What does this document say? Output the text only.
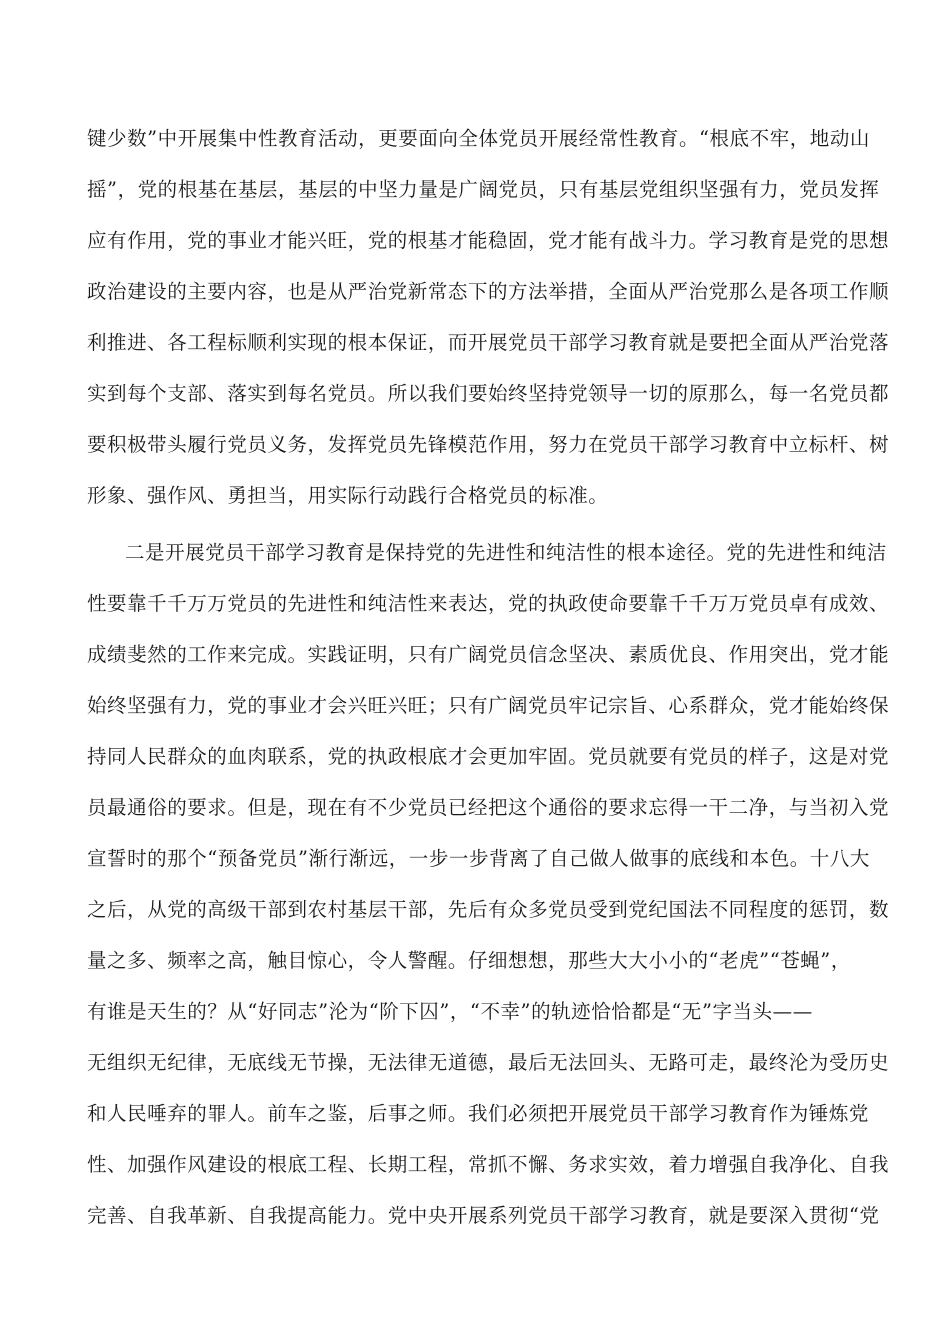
键少数”中开展集中性教育活动，更要面向全体党员开展经常性教育。“根底不牢，地动山
摇”，党的根基在基层，基层的中坚力量是广阔党员，只有基层党组织坚强有力，党员发挥
应有作用，党的事业才能兴旺，党的根基才能稳固，党才能有战斗力。学习教育是党的思想
政治建设的主要内容，也是从严治党新常态下的方法举措，全面从严治党那么是各项工作顺
利推进、各工程标顺利实现的根本保证，而开展党员干部学习教育就是要把全面从严治党落
实到每个支部、落实到每名党员。所以我们要始终坚持党领导一切的原那么，每一名党员都
要积极带头履行党员义务，发挥党员先锋模范作用，努力在党员干部学习教育中立标杆、树
形象、强作风、勇担当，用实际行动践行合格党员的标准。
二是开展党员干部学习教育是保持党的先进性和纯洁性的根本途径。党的先进性和纯洁
性要靠千千万万党员的先进性和纯洁性来表达，党的执政使命要靠千千万万党员卓有成效、
成绩斐然的工作来完成。实践证明，只有广阔党员信念坚决、素质优良、作用突出，党才能
始终坚强有力，党的事业才会兴旺兴旺；只有广阔党员牢记宗旨、心系群众，党才能始终保
持同人民群众的血肉联系，党的执政根底才会更加牢固。党员就要有党员的样子，这是对党
员最通俗的要求。但是，现在有不少党员已经把这个通俗的要求忘得一干二净，与当初入党
宣誓时的那个“预备党员”渐行渐远，一步一步背离了自己做人做事的底线和本色。十八大
之后，从党的高级干部到农村基层干部，先后有众多党员受到党纪国法不同程度的惩罚，数
量之多、频率之高，触目惊心，令人警醒。仔细想想，那些大大小小的“老虎”“苍蝇”，
有谁是天生的？从“好同志”沦为“阶下囚”，“不幸”的轨迹恰恰都是“无”字当头——
无组织无纪律，无底线无节操，无法律无道德，最后无法回头、无路可走，最终沦为受历史
和人民唾弃的罪人。前车之鉴，后事之师。我们必须把开展党员干部学习教育作为锤炼党
性、加强作风建设的根底工程、长期工程，常抓不懈、务求实效，着力增强自我净化、自我
完善、自我革新、自我提高能力。党中央开展系列党员干部学习教育，就是要深入贯彻“党
